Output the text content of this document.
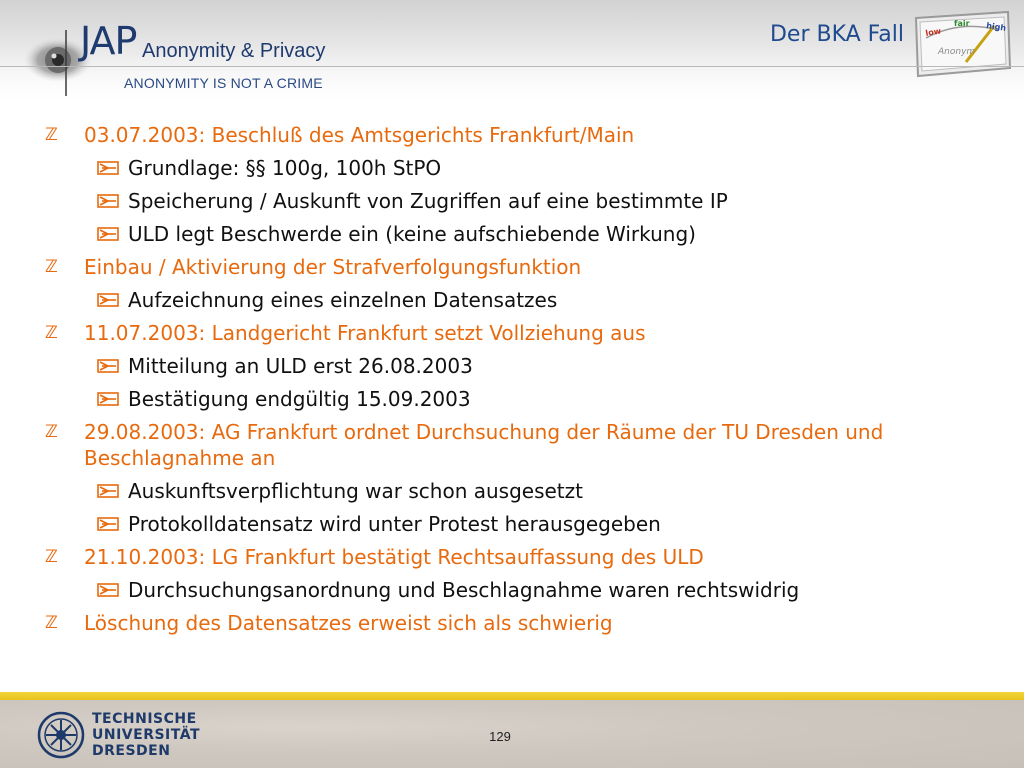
JAP Anonymity & Privacy
ANONYMITY IS NOT A CRIME
Der BKA Fall	low
fair high
Anonym
ℤ 03.07.2003: Beschluß des Amtsgerichts Frankfurt/Main
Grundlage: §§ 100g, 100h StPO
Speicherung / Auskunft von Zugriffen auf eine bestimmte IP
ULD legt Beschwerde ein (keine aufschiebende Wirkung)
ℤ Einbau / Aktivierung der Strafverfolgungsfunktion
Aufzeichnung eines einzelnen Datensatzes
ℤ 11.07.2003: Landgericht Frankfurt setzt Vollziehung aus
Mitteilung an ULD erst 26.08.2003
Bestätigung endgültig 15.09.2003
ℤ 29.08.2003: AG Frankfurt ordnet Durchsuchung der Räume der TU Dresden und Beschlagnahme an
Auskunftsverpflichtung war schon ausgesetzt
Protokolldatensatz wird unter Protest herausgegeben
ℤ 21.10.2003: LG Frankfurt bestätigt Rechtsauffassung des ULD
Durchsuchungsanordnung und Beschlagnahme waren rechtswidrig
ℤ Löschung des Datensatzes erweist sich als schwierig
TECHNISCHE
UNIVERSITÄT
DRESDEN
129
